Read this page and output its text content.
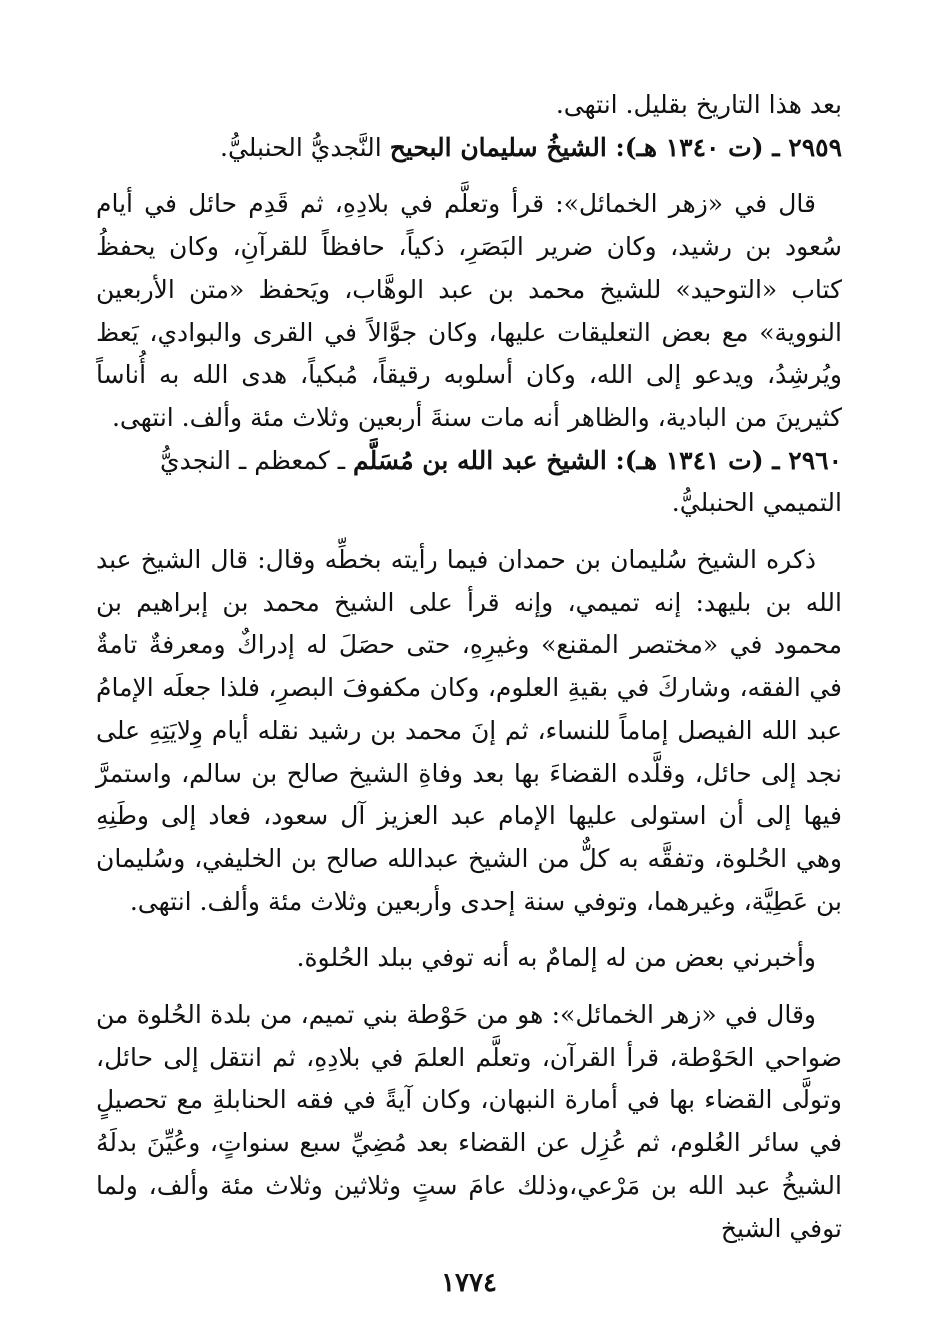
بعد هذا التاريخ بقليل. انتهى.

٢٩٥٩ ـ (ت ١٣٤٠ هـ): الشيخُ سليمان البحيح النَّجديُّ الحنبليُّ.

قال في «زهر الخمائل»: قرأ وتعلَّم في بلادِهِ، ثم قَدِم حائل في أيام سُعود بن رشيد، وكان ضرير البَصَرِ، ذكياً، حافظاً للقرآنِ، وكان يحفظُ كتاب «التوحيد» للشيخ محمد بن عبد الوهَّاب، ويَحفظ «متن الأربعين النووية» مع بعض التعليقات عليها، وكان جوَّالاً في القرى والبوادي، يَعظ ويُرشِدُ، ويدعو إلى الله، وكان أسلوبه رقيقاً، مُبكياً، هدى الله به أُناساً كثيرينَ من البادية، والظاهر أنه مات سنةَ أربعين وثلاث مئة وألف. انتهى.

٢٩٦٠ ـ (ت ١٣٤١ هـ): الشيخ عبد الله بن مُسَلَّم ـ كمعظم ـ النجديُّ التميمي الحنبليُّ.

ذكره الشيخ سُليمان بن حمدان فيما رأيته بخطِّه وقال: قال الشيخ عبد الله بن بليهد: إنه تميمي، وإنه قرأ على الشيخ محمد بن إبراهيم بن محمود في «مختصر المقنع» وغيرِهِ، حتى حصَلَ له إدراكٌ ومعرفةٌ تامةٌ في الفقه، وشاركَ في بقيةِ العلوم، وكان مكفوفَ البصرِ، فلذا جعلَه الإمامُ عبد الله الفيصل إماماً للنساء، ثم إنَ محمد بن رشيد نقله أيام وِلايَتِهِ على نجد إلى حائل، وقلَّده القضاءَ بها بعد وفاةِ الشيخ صالح بن سالم، واستمرَّ فيها إلى أن استولى عليها الإمام عبد العزيز آل سعود، فعاد إلى وطَنِهِ وهي الحُلوة، وتفقَّه به كلٌّ من الشيخ عبدالله صالح بن الخليفي، وسُليمان بن عَطِيَّة، وغيرهما، وتوفي سنة إحدى وأربعين وثلاث مئة وألف. انتهى.

وأخبرني بعض من له إلمامٌ به أنه توفي ببلد الحُلوة.

وقال في «زهر الخمائل»: هو من حَوْطة بني تميم، من بلدة الحُلوة من ضواحي الحَوْطة، قرأ القرآن، وتعلَّم العلمَ في بلادِهِ، ثم انتقل إلى حائل، وتولَّى القضاء بها في أمارة النبهان، وكان آيةً في فقه الحنابلةِ مع تحصيلٍ في سائر العُلوم، ثم عُزِل عن القضاء بعد مُضِيِّ سبع سنواتٍ، وعُيِّنَ بدلَهُ الشيخُ عبد الله بن مَرْعي،وذلك عامَ ستٍ وثلاثين وثلاث مئة وألف، ولما توفي الشيخ

١٧٧٤
